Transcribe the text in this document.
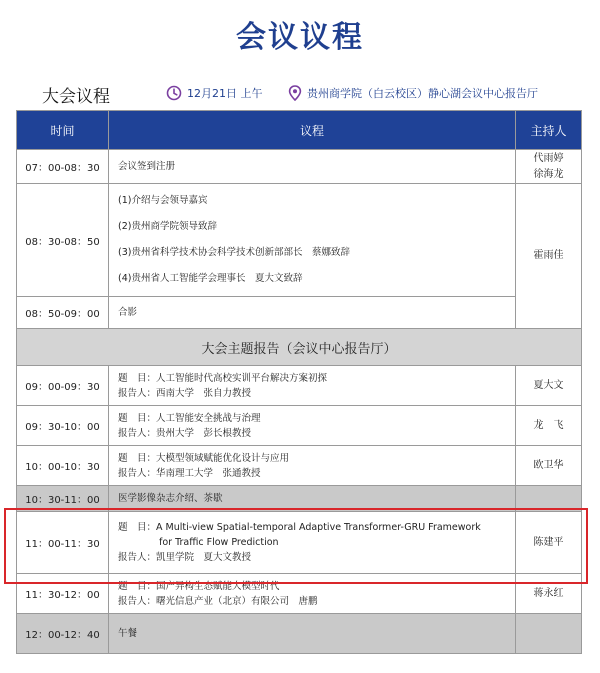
会议议程
大会议程	12月21日 上午	贵州商学院（白云校区）静心湖会议中心报告厅
时间	议程	主持人
07：00-08：30	会议签到注册	代雨婷
徐海龙

08：30-08：50	(1)介绍与会领导嘉宾
(2)贵州商学院领导致辞
(3)贵州省科学技术协会科学技术创新部部长　蔡娜致辞
(4)贵州省人工智能学会理事长　夏大文致辞	霍雨佳
08：50-09：00	合影	
大会主题报告（会议中心报告厅）		
09：00-09：30	题　目：人工智能时代高校实训平台解决方案初探
报告人：西南大学　张自力教授	夏大文
09：30-10：00	题　目：人工智能安全挑战与治理
报告人：贵州大学　彭长根教授	龙　飞
10：00-10：30	题　目：大模型领域赋能优化设计与应用
报告人：华南理工大学　张通教授	欧卫华
10：30-11：00	医学影像杂志介绍、茶歇	
11：00-11：30	题　目：A Multi-view Spatial-temporal Adaptive Transformer-GRU Framework
for Traffic Flow Prediction
报告人：凯里学院　夏大文教授	陈建平
11：30-12：00	题　目：国产异构生态赋能大模型时代
报告人：曙光信息产业（北京）有限公司　唐鹏	蒋永红
12：00-12：40	午餐	
